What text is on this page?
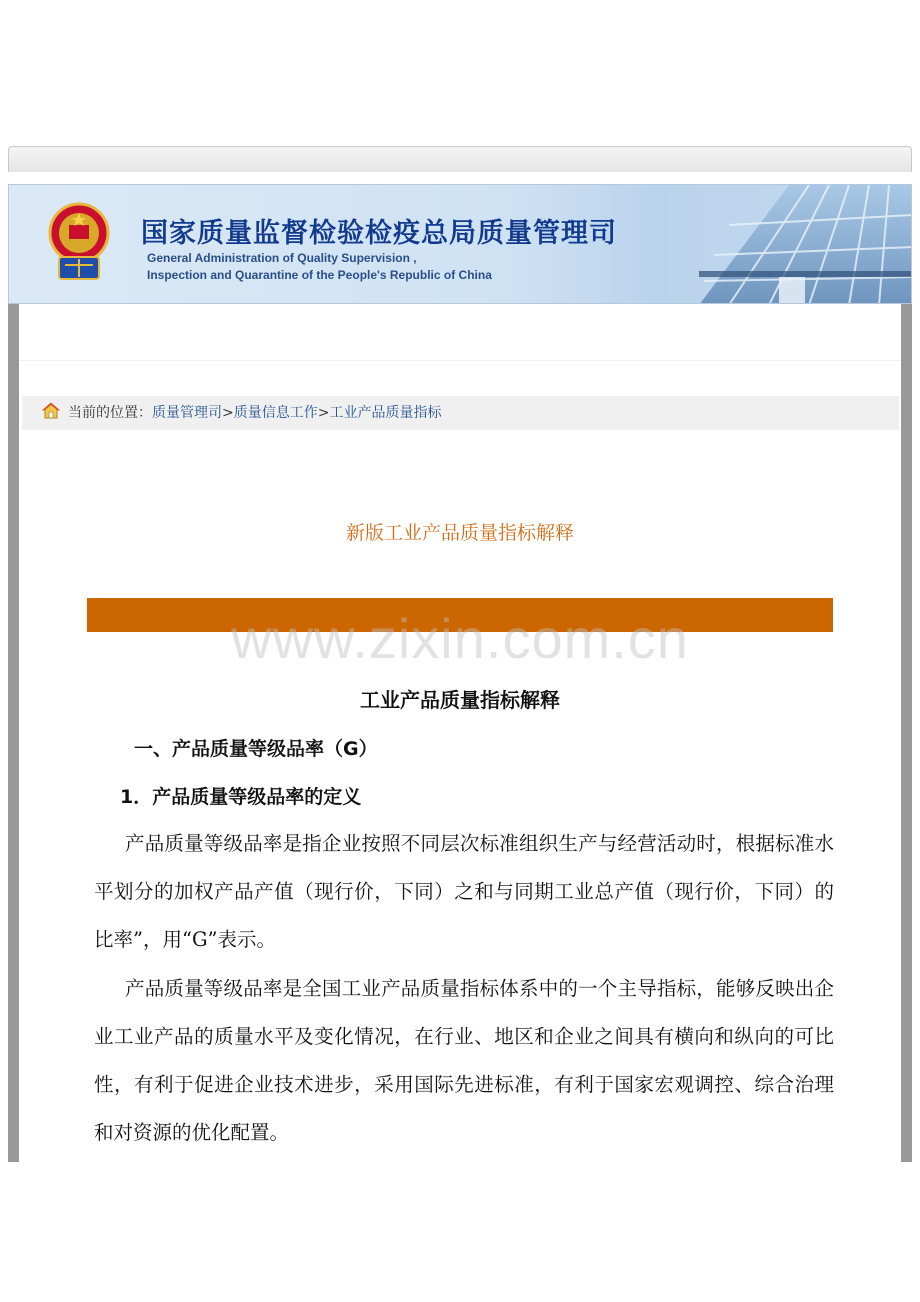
国家质量监督检验检疫总局质量管理司
General Administration of Quality Supervision ,
Inspection and Quarantine of the People's Republic of China
当前的位置：质量管理司>质量信息工作>工业产品质量指标
新版工业产品质量指标解释
www.zixin.com.cn
工业产品质量指标解释
一、产品质量等级品率（G）
1．产品质量等级品率的定义
产品质量等级品率是指企业按照不同层次标准组织生产与经营活动时，根据标准水平划分的加权产品产值（现行价，下同）之和与同期工业总产值（现行价，下同）的比率”，用“G”表示。
产品质量等级品率是全国工业产品质量指标体系中的一个主导指标，能够反映出企业工业产品的质量水平及变化情况，在行业、地区和企业之间具有横向和纵向的可比性，有利于促进企业技术进步，采用国际先进标准，有利于国家宏观调控、综合治理和对资源的优化配置。
